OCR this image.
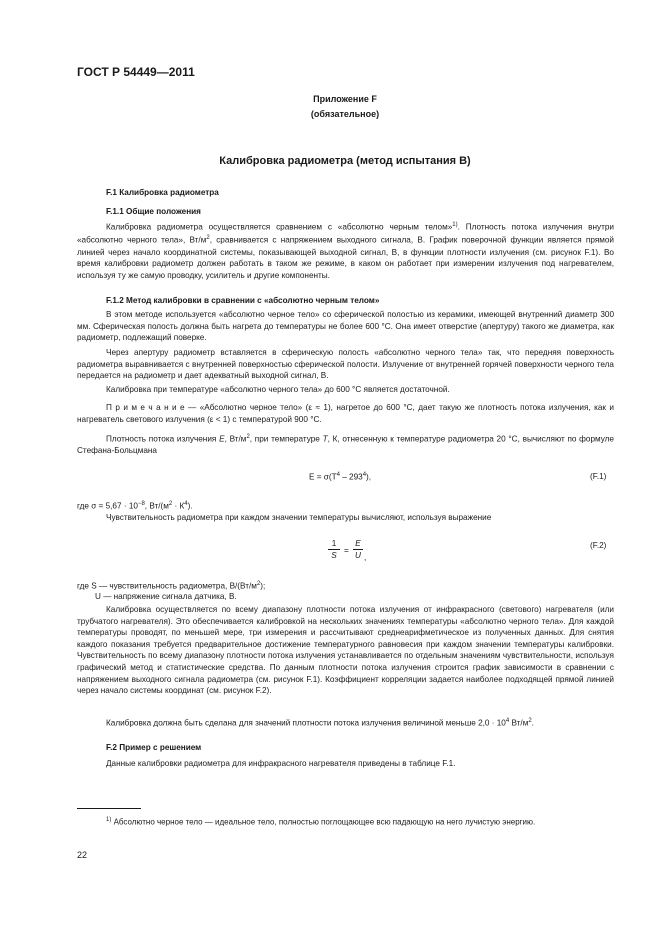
ГОСТ Р 54449—2011
Приложение F
(обязательное)
Калибровка радиометра (метод испытания В)
F.1 Калибровка радиометра
F.1.1 Общие положения
Калибровка радиометра осуществляется сравнением с «абсолютно черным телом»$^{1)}$. Плотность потока излучения внутри «абсолютно черного тела», $Вт/м^2$, сравнивается с напряжением выходного сигнала, В. График поверочной функции является прямой линией через начало координатной системы, показывающей выходной сигнал, В, в функции плотности излучения (см. рисунок F.1). Во время калибровки радиометр должен работать в таком же режиме, в каком он работает при измерении излучения под нагревателем, используя ту же самую проводку, усилитель и другие компоненты.
F.1.2 Метод калибровки в сравнении с «абсолютно черным телом»
В этом методе используется «абсолютно черное тело» со сферической полостью из керамики, имеющей внутренний диаметр 300 мм. Сферическая полость должна быть нагрета до температуры не более 600 °С. Она имеет отверстие (апертуру) такого же диаметра, как радиометр, подлежащий поверке.
Через апертуру радиометр вставляется в сферическую полость «абсолютно черного тела» так, что передняя поверхность радиометра выравнивается с внутренней поверхностью сферической полости. Излучение от внутренней горячей поверхности черного тела передается на радиометр и дает адекватный выходной сигнал, В.
Калибровка при температуре «абсолютно черного тела» до 600 °С является достаточной.
П р и м е ч а н и е — «Абсолютно черное тело» (ε ≈ 1), нагретое до 600 °С, дает такую же плотность потока излучения, как и нагреватель светового излучения (ε < 1) с температурой 900 °С.
Плотность потока излучения E, $Вт/м^2$, при температуре T, К, отнесенную к температуре радиометра 20 °С, вычисляют по формуле Стефана-Больцмана
$E = \sigma(T^4 - 293^4)$,	(F.1)
где $\sigma = 5,67 \cdot 10^{-8}$, $Вт/(м^2 \cdot К^4)$.
Чувствительность радиометра при каждом значении температуры вычисляют, используя выражение
1
S
=
E
U ,
(F.2)
где S — чувствительность радиометра, $В/(Вт/м^2)$;
U — напряжение сигнала датчика, В.
Калибровка осуществляется по всему диапазону плотности потока излучения от инфракрасного (светового) нагревателя (или трубчатого нагревателя). Это обеспечивается калибровкой на нескольких значениях температуры «абсолютно черного тела». Для каждой температуры проводят, по меньшей мере, три измерения и рассчитывают среднеарифметическое из полученных данных. Для снятия каждого показания требуется предварительное достижение температурного равновесия при каждом значении температуры калибровки. Чувствительность по всему диапазону плотности потока излучения устанавливается по отдельным значениям чувствительности, используя графический метод и статистические средства. По данным плотности потока излучения строится график зависимости в сравнении с напряжением выходного сигнала радиометра (см. рисунок F.1). Коэффициент корреляции задается наиболее подходящей прямой линией через начало системы координат (см. рисунок F.2).
Калибровка должна быть сделана для значений плотности потока излучения величиной меньше $2,0 \cdot 10^4$ $Вт/м^2$.
F.2 Пример с решением
Данные калибровки радиометра для инфракрасного нагревателя приведены в таблице F.1.
$^{1)}$ Абсолютно черное тело — идеальное тело, полностью поглощающее всю падающую на него лучистую энергию.
22
